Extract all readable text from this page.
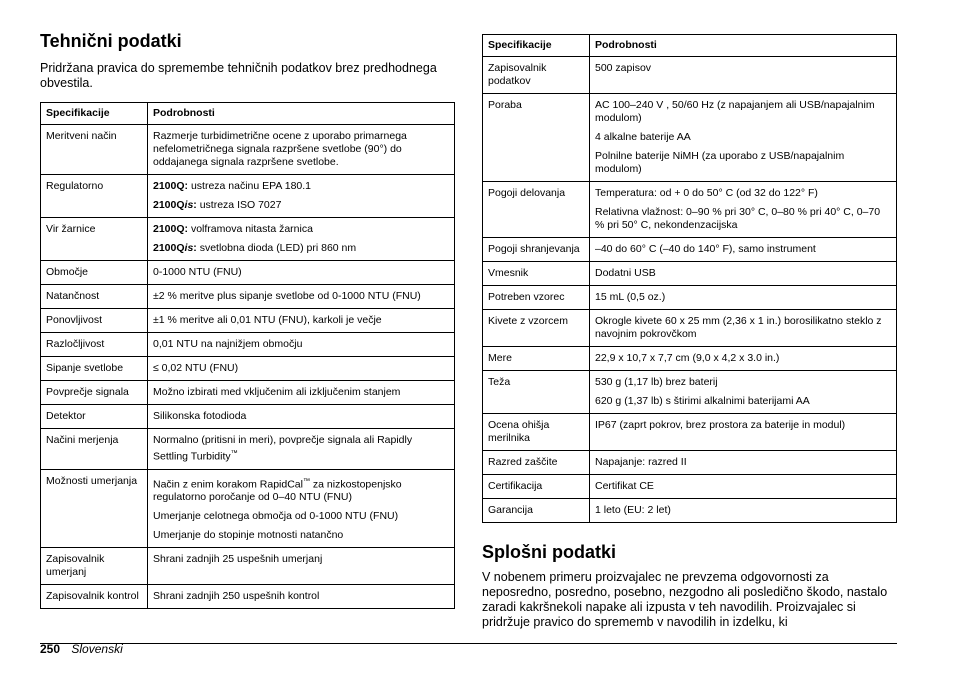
Tehnični podatki
Pridržana pravica do spremembe tehničnih podatkov brez predhodnega obvestila.
Specifikacije	Podrobnosti
Meritveni način	Razmerje turbidimetrične ocene z uporabo primarnega nefelometričnega signala razpršene svetlobe (90°) do oddajanega signala razpršene svetlobe.

Regulatorno	2100Q: ustreza načinu EPA 180.1
2100Qis: ustreza ISO 7027

Vir žarnice	2100Q: volframova nitasta žarnica
2100Qis: svetlobna dioda (LED) pri 860 nm

Območje	0-1000 NTU (FNU)

Natančnost	±2 % meritve plus sipanje svetlobe od 0-1000 NTU (FNU)

Ponovljivost	±1 % meritve ali 0,01 NTU (FNU), karkoli je večje

Razločljivost	0,01 NTU na najnižjem območju

Sipanje svetlobe	≤ 0,02 NTU (FNU)

Povprečje signala	Možno izbirati med vključenim ali izključenim stanjem

Detektor	Silikonska fotodioda

Načini merjenja	Normalno (pritisni in meri), povprečje signala ali Rapidly Settling Turbidity™

Možnosti umerjanja	Način z enim korakom RapidCal™ za nizkostopenjsko regulatorno poročanje od 0–40 NTU (FNU)
Umerjanje celotnega območja od 0-1000 NTU (FNU)
Umerjanje do stopinje motnosti natančno

Zapisovalnik umerjanj	Shrani zadnjih 25 uspešnih umerjanj

Zapisovalnik kontrol	Shrani zadnjih 250 uspešnih kontrol
Specifikacije	Podrobnosti
Zapisovalnik podatkov	500 zapisov

Poraba	AC 100–240 V , 50/60 Hz (z napajanjem ali USB/napajalnim modulom)
4 alkalne baterije AA
Polnilne baterije NiMH (za uporabo z USB/napajalnim modulom)

Pogoji delovanja	Temperatura: od + 0 do 50° C (od 32 do 122° F)
Relativna vlažnost: 0–90 % pri 30° C, 0–80 % pri 40° C, 0–70 % pri 50° C, nekondenzacijska

Pogoji shranjevanja	–40 do 60° C (–40 do 140° F), samo instrument

Vmesnik	Dodatni USB

Potreben vzorec	15 mL (0,5 oz.)

Kivete z vzorcem	Okrogle kivete 60 x 25 mm (2,36 x 1 in.) borosilikatno steklo z navojnim pokrovčkom

Mere	22,9 x 10,7 x 7,7 cm (9,0 x 4,2 x 3.0 in.)

Teža	530 g (1,17 lb) brez baterij
620 g (1,37 lb) s štirimi alkalnimi baterijami AA

Ocena ohišja merilnika	IP67 (zaprt pokrov, brez prostora za baterije in modul)

Razred zaščite	Napajanje: razred II

Certifikacija	Certifikat CE

Garancija	1 leto (EU: 2 let)
Splošni podatki
V nobenem primeru proizvajalec ne prevzema odgovornosti za neposredno, posredno, posebno, nezgodno ali posledično škodo, nastalo zaradi kakršnekoli napake ali izpusta v teh navodilih. Proizvajalec si pridržuje pravico do sprememb v navodilih in izdelku, ki
250 Slovenski
